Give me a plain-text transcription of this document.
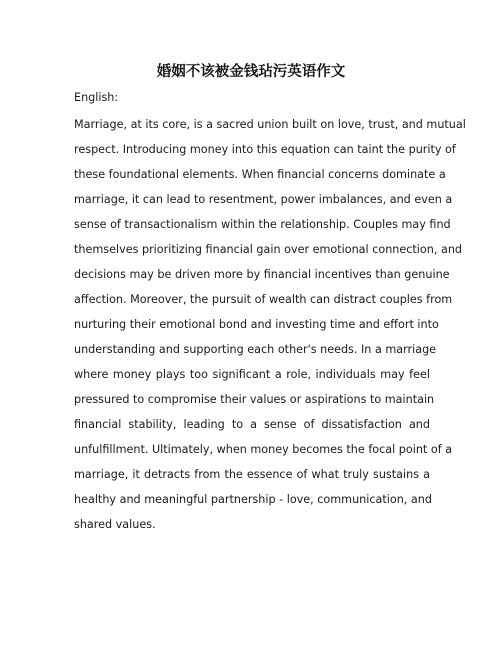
婚姻不该被金钱玷污英语作文

English:

Marriage, at its core, is a sacred union built on love, trust, and mutual
respect. Introducing money into this equation can taint the purity of
these foundational elements. When financial concerns dominate a
marriage, it can lead to resentment, power imbalances, and even a
sense of transactionalism within the relationship. Couples may find
themselves prioritizing financial gain over emotional connection, and
decisions may be driven more by financial incentives than genuine
affection. Moreover, the pursuit of wealth can distract couples from
nurturing their emotional bond and investing time and effort into
understanding and supporting each other's needs. In a marriage
where money plays too significant a role, individuals may feel
pressured to compromise their values or aspirations to maintain
financial stability, leading to a sense of dissatisfaction and
unfulfillment. Ultimately, when money becomes the focal point of a
marriage, it detracts from the essence of what truly sustains a
healthy and meaningful partnership - love, communication, and
shared values.
